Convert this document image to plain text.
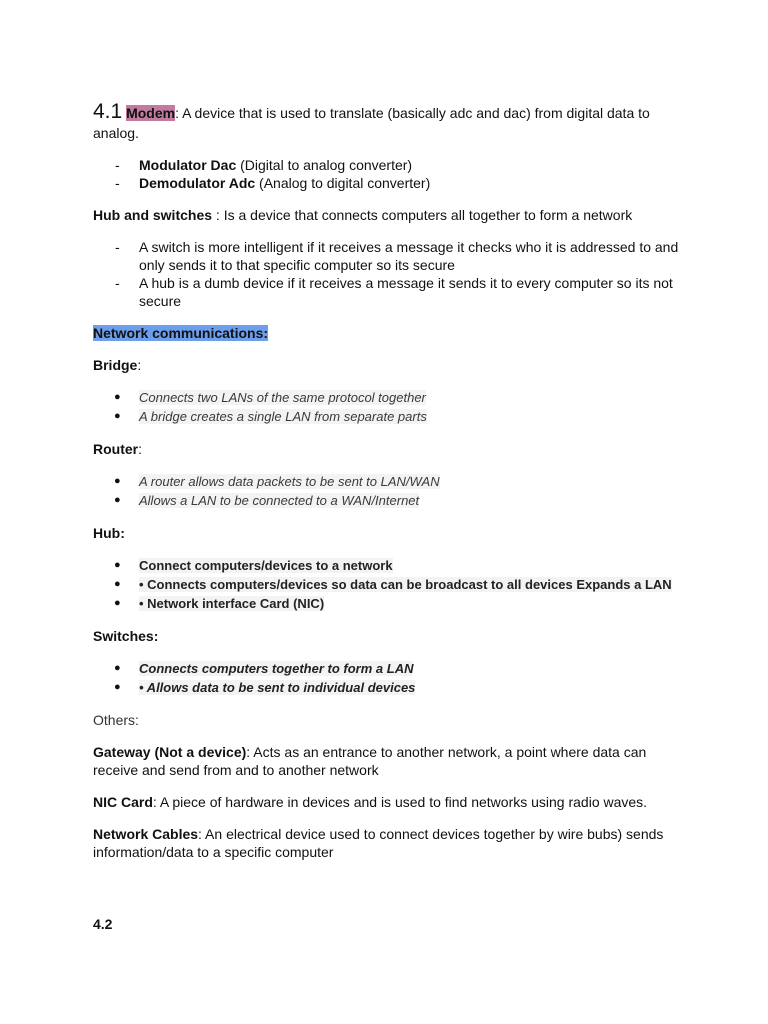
4.1 Modem: A device that is used to translate (basically adc and dac) from digital data to analog.

- Modulator Dac (Digital to analog converter)
- Demodulator Adc (Analog to digital converter)

Hub and switches : Is a device that connects computers all together to form a network

- A switch is more intelligent if it receives a message it checks who it is addressed to and only sends it to that specific computer so its secure
- A hub is a dumb device if it receives a message it sends it to every computer so its not secure

Network communications:

Bridge:

● Connects two LANs of the same protocol together
● A bridge creates a single LAN from separate parts

Router:

● A router allows data packets to be sent to LAN/WAN
● Allows a LAN to be connected to a WAN/Internet

Hub:

● Connect computers/devices to a network
● • Connects computers/devices so data can be broadcast to all devices Expands a LAN
● • Network interface Card (NIC)

Switches:

● Connects computers together to form a LAN
● • Allows data to be sent to individual devices

Others:

Gateway (Not a device): Acts as an entrance to another network, a point where data can receive and send from and to another network

NIC Card: A piece of hardware in devices and is used to find networks using radio waves.

Network Cables: An electrical device used to connect devices together by wire bubs) sends information/data to a specific computer

4.2
